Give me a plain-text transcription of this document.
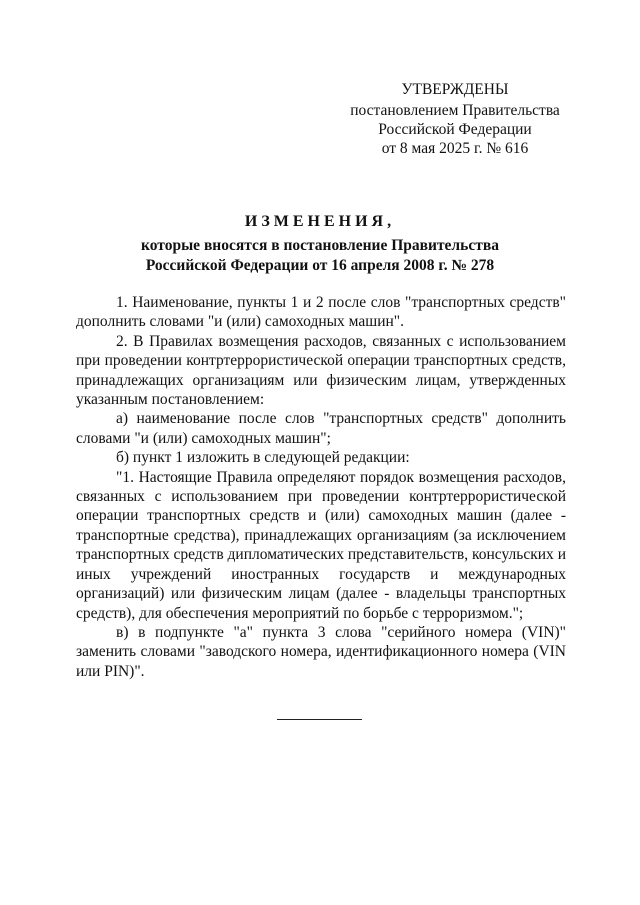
УТВЕРЖДЕНЫ
постановлением Правительства
Российской Федерации
от 8 мая 2025 г. № 616
ИЗМЕНЕНИЯ,
которые вносятся в постановление Правительства
Российской Федерации от 16 апреля 2008 г. № 278

1. Наименование, пункты 1 и 2 после слов "транспортных средств" дополнить словами "и (или) самоходных машин".

2. В Правилах возмещения расходов, связанных с использованием при проведении контртеррористической операции транспортных средств, принадлежащих организациям или физическим лицам, утвержденных указанным постановлением:

а) наименование после слов "транспортных средств" дополнить словами "и (или) самоходных машин";

б) пункт 1 изложить в следующей редакции:

"1. Настоящие Правила определяют порядок возмещения расходов, связанных с использованием при проведении контртеррористической операции транспортных средств и (или) самоходных машин (далее - транспортные средства), принадлежащих организациям (за исключением транспортных средств дипломатических представительств, консульских и иных учреждений иностранных государств и международных организаций) или физическим лицам (далее - владельцы транспортных средств), для обеспечения мероприятий по борьбе с терроризмом.";

в) в подпункте "а" пункта 3 слова "серийного номера (VIN)" заменить словами "заводского номера, идентификационного номера (VIN или PIN)".
